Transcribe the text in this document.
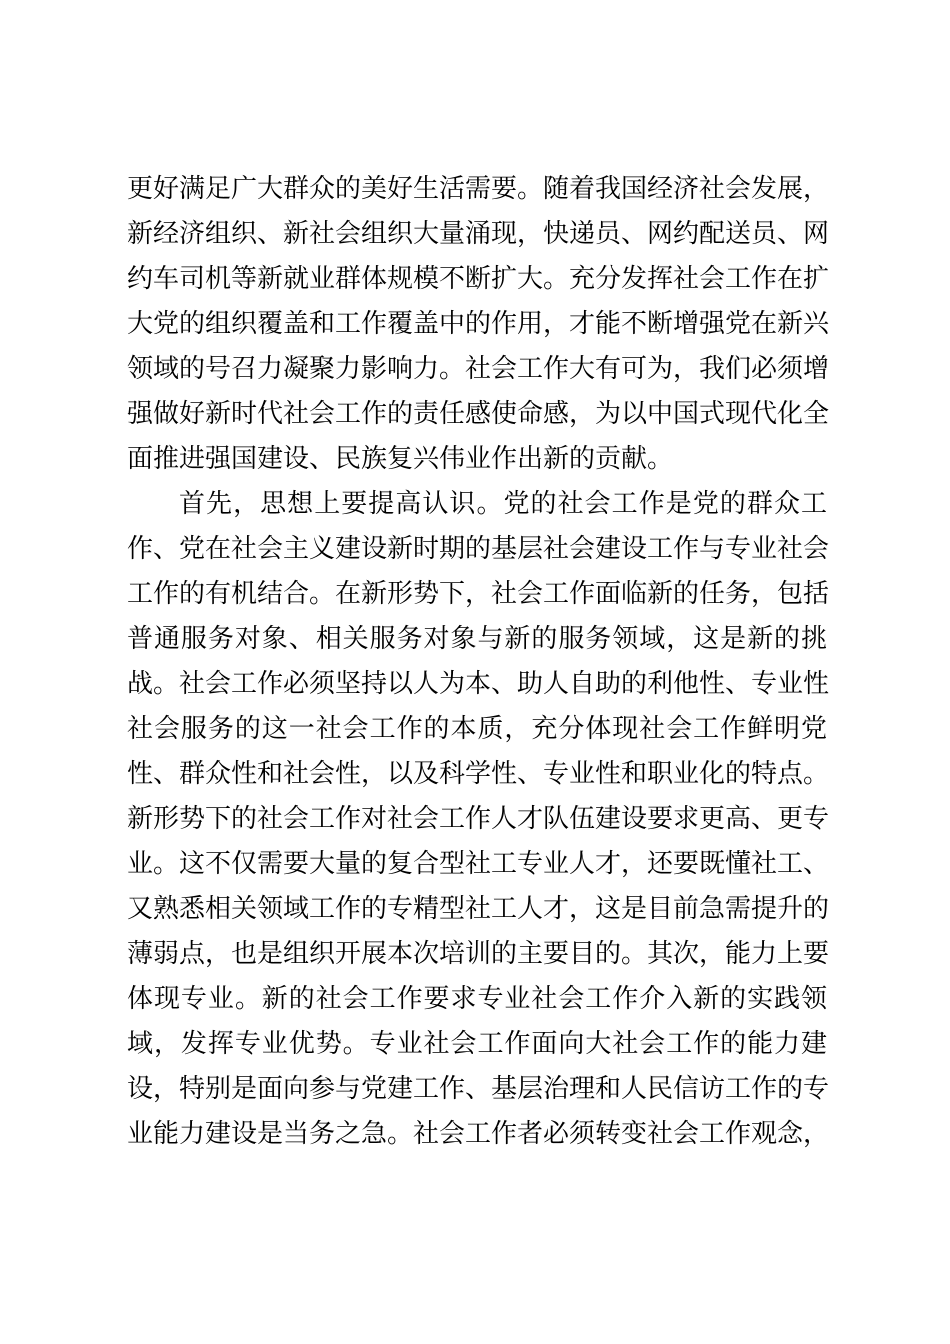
更好满足广大群众的美好生活需要。随着我国经济社会发展，
新经济组织、新社会组织大量涌现，快递员、网约配送员、网
约车司机等新就业群体规模不断扩大。充分发挥社会工作在扩
大党的组织覆盖和工作覆盖中的作用，才能不断增强党在新兴
领域的号召力凝聚力影响力。社会工作大有可为，我们必须增
强做好新时代社会工作的责任感使命感，为以中国式现代化全
面推进强国建设、民族复兴伟业作出新的贡献。
首先，思想上要提高认识。党的社会工作是党的群众工
作、党在社会主义建设新时期的基层社会建设工作与专业社会
工作的有机结合。在新形势下，社会工作面临新的任务，包括
普通服务对象、相关服务对象与新的服务领域，这是新的挑
战。社会工作必须坚持以人为本、助人自助的利他性、专业性
社会服务的这一社会工作的本质，充分体现社会工作鲜明党
性、群众性和社会性，以及科学性、专业性和职业化的特点。
新形势下的社会工作对社会工作人才队伍建设要求更高、更专
业。这不仅需要大量的复合型社工专业人才，还要既懂社工、
又熟悉相关领域工作的专精型社工人才，这是目前急需提升的
薄弱点，也是组织开展本次培训的主要目的。其次，能力上要
体现专业。新的社会工作要求专业社会工作介入新的实践领
域，发挥专业优势。专业社会工作面向大社会工作的能力建
设，特别是面向参与党建工作、基层治理和人民信访工作的专
业能力建设是当务之急。社会工作者必须转变社会工作观念，
